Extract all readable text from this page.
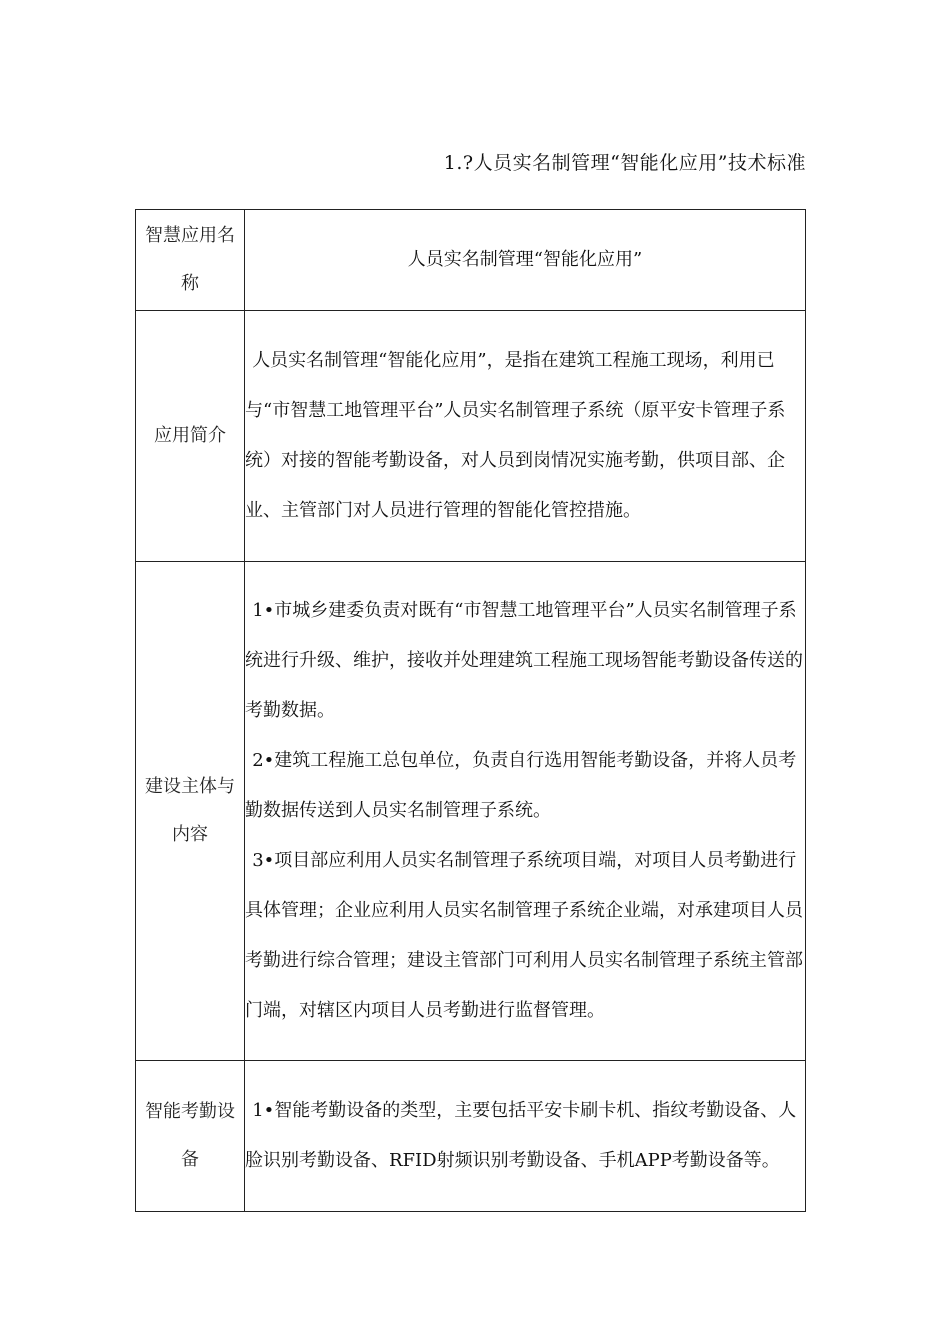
1.?人员实名制管理“智能化应用”技术标准
智慧应用名称	人员实名制管理“智能化应用”

应用简介	人员实名制管理“智能化应用”，是指在建筑工程施工现场，利用已与“市智慧工地管理平台”人员实名制管理子系统（原平安卡管理子系统）对接的智能考勤设备，对人员到岗情况实施考勤，供项目部、企业、主管部门对人员进行管理的智能化管控措施。

建设主体与内容	1•市城乡建委负责对既有“市智慧工地管理平台”人员实名制管理子系统进行升级、维护，接收并处理建筑工程施工现场智能考勤设备传送的考勤数据。
2•建筑工程施工总包单位，负责自行选用智能考勤设备，并将人员考勤数据传送到人员实名制管理子系统。
3•项目部应利用人员实名制管理子系统项目端，对项目人员考勤进行具体管理；企业应利用人员实名制管理子系统企业端，对承建项目人员考勤进行综合管理；建设主管部门可利用人员实名制管理子系统主管部门端，对辖区内项目人员考勤进行监督管理。

智能考勤设备	1•智能考勤设备的类型，主要包括平安卡刷卡机、指纹考勤设备、人脸识别考勤设备、RFID射频识别考勤设备、手机APP考勤设备等。
